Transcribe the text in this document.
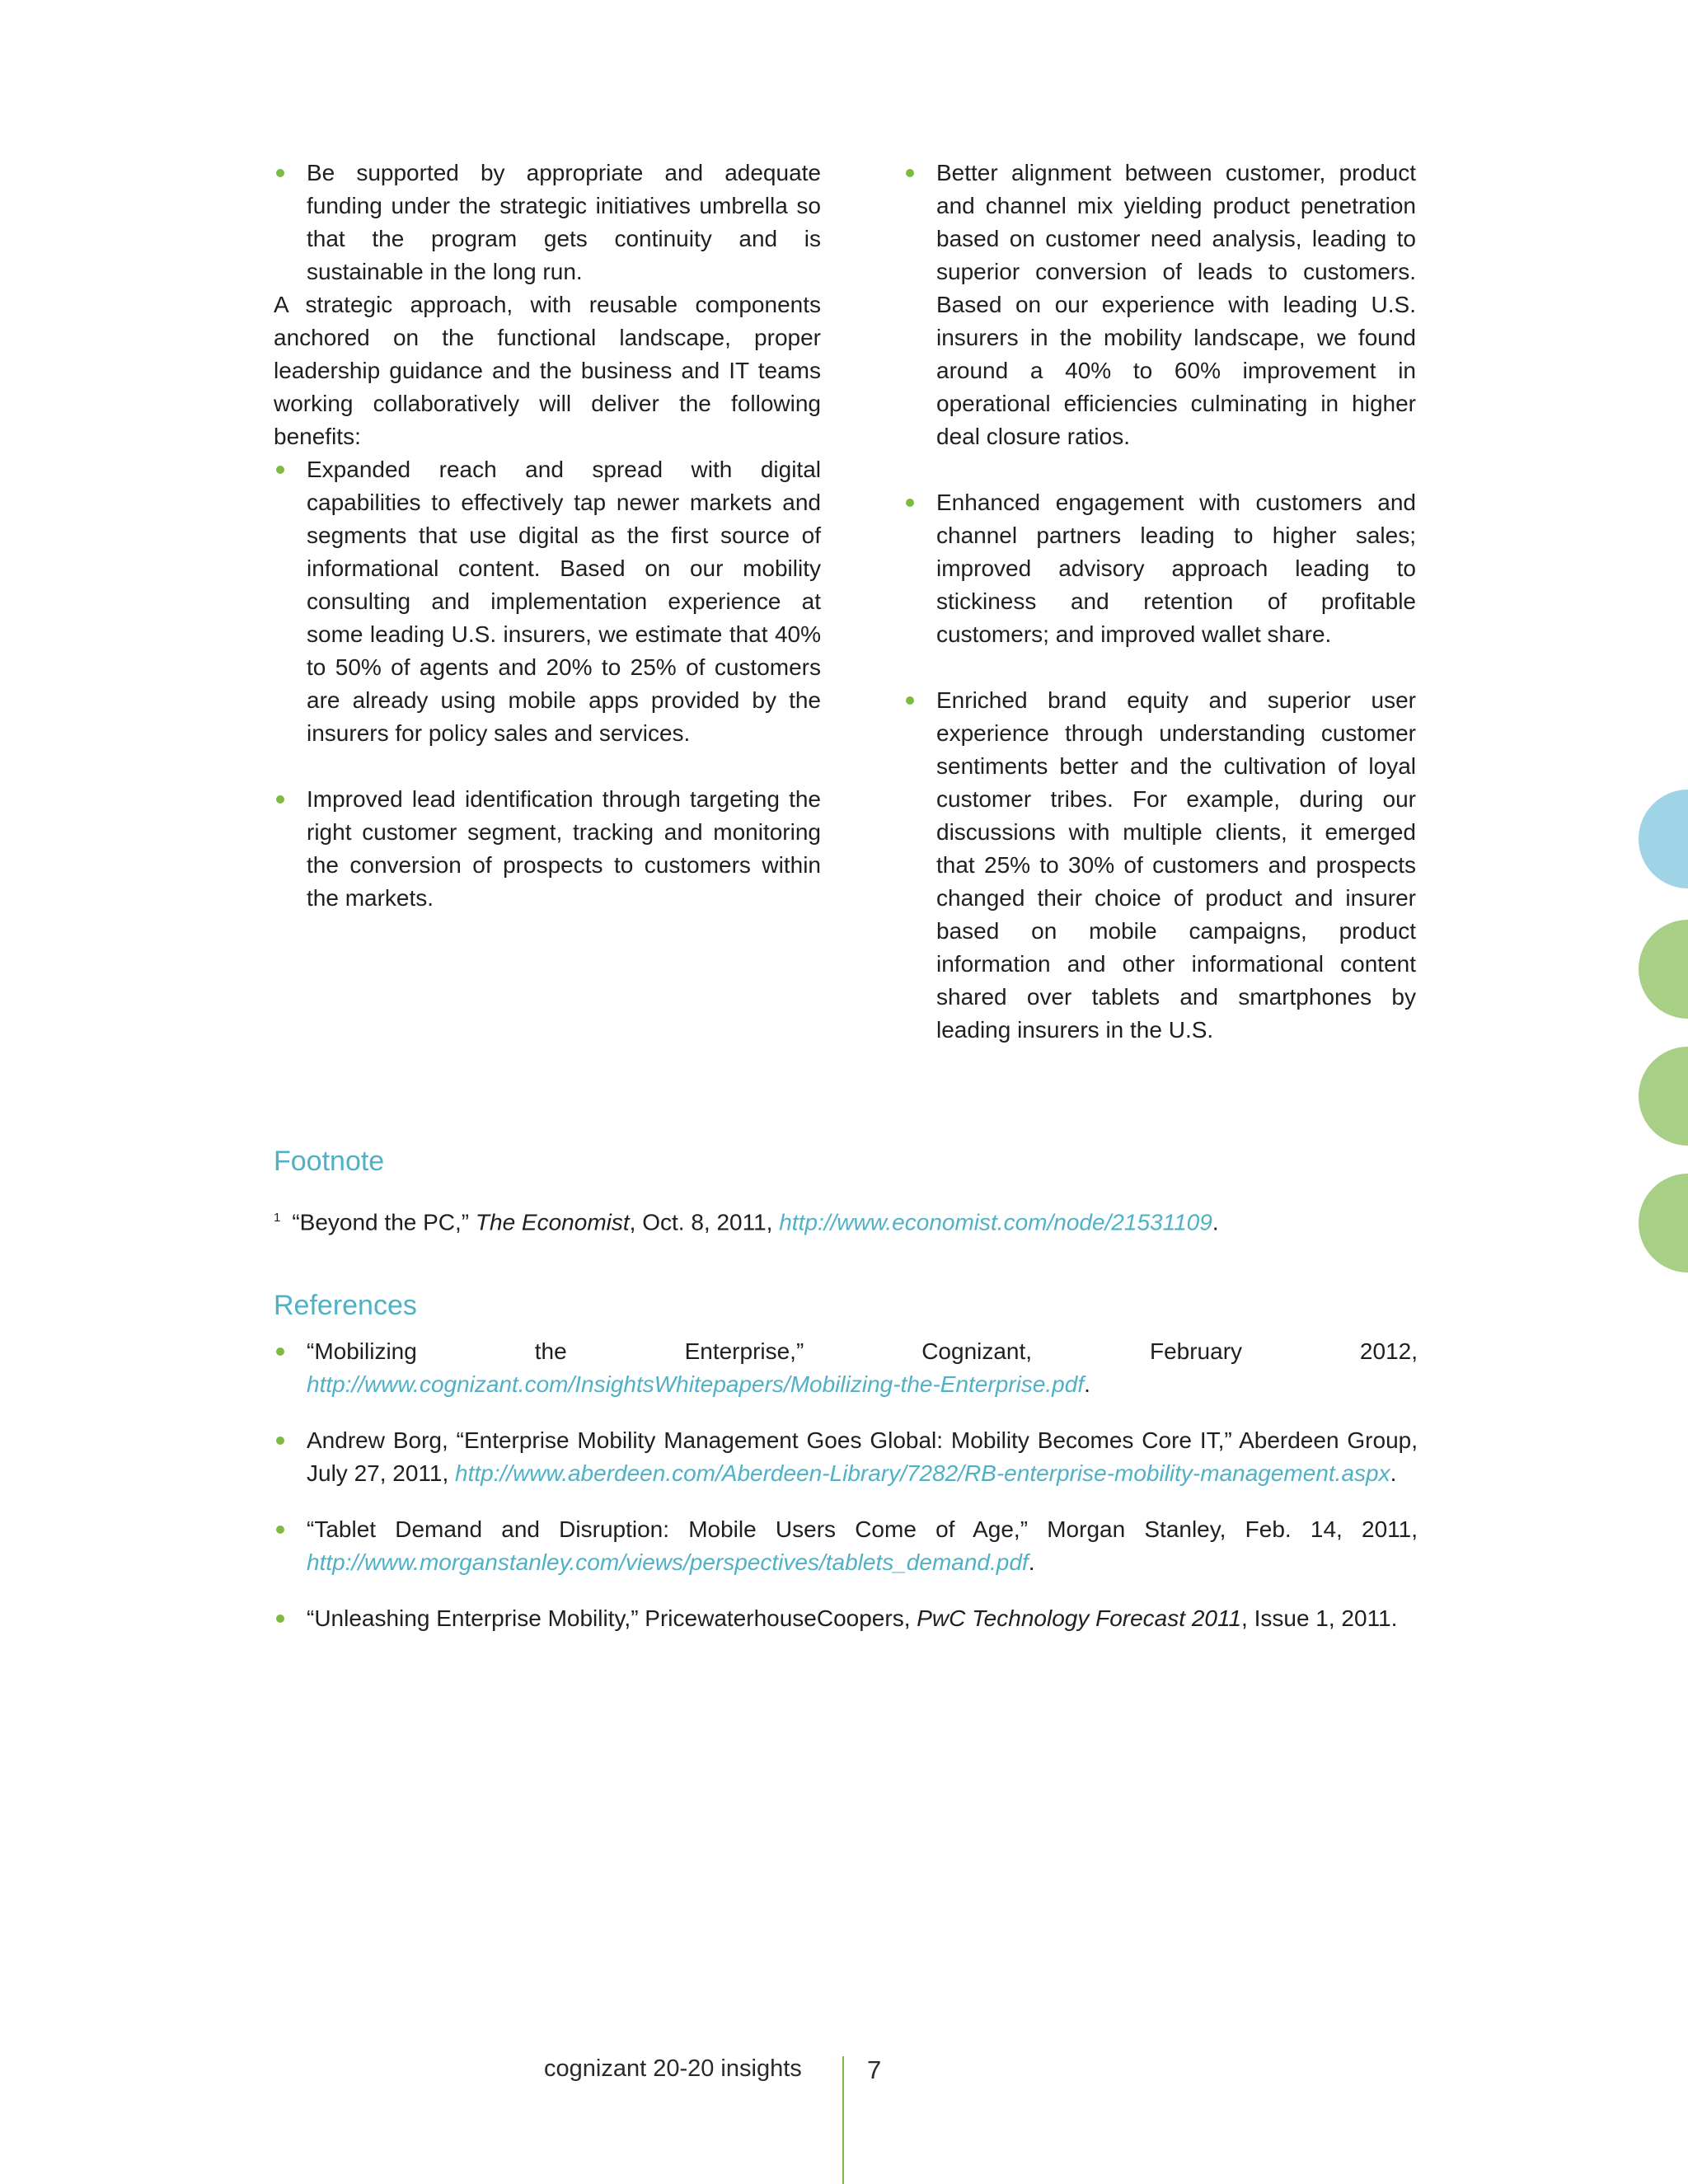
Be supported by appropriate and adequate funding under the strategic initiatives umbrella so that the program gets continuity and is sustainable in the long run.

A strategic approach, with reusable components anchored on the functional landscape, proper leadership guidance and the business and IT teams working collaboratively will deliver the following benefits:

Expanded reach and spread with digital capabilities to effectively tap newer markets and segments that use digital as the first source of informational content. Based on our mobility consulting and implementation experience at some leading U.S. insurers, we estimate that 40% to 50% of agents and 20% to 25% of customers are already using mobile apps provided by the insurers for policy sales and services.
Improved lead identification through targeting the right customer segment, tracking and monitoring the conversion of prospects to customers within the markets.
Better alignment between customer, product and channel mix yielding product penetration based on customer need analysis, leading to superior conversion of leads to customers. Based on our experience with leading U.S. insurers in the mobility landscape, we found around a 40% to 60% improvement in operational efficiencies culminating in higher deal closure ratios.
Enhanced engagement with customers and channel partners leading to higher sales; improved advisory approach leading to stickiness and retention of profitable customers; and improved wallet share.
Enriched brand equity and superior user experience through understanding customer sentiments better and the cultivation of loyal customer tribes. For example, during our discussions with multiple clients, it emerged that 25% to 30% of customers and prospects changed their choice of product and insurer based on mobile campaigns, product information and other informational content shared over tablets and smartphones by leading insurers in the U.S.
Footnote
$^1$ “Beyond the PC,” The Economist, Oct. 8, 2011, http://www.economist.com/node/21531109.
References
“Mobilizing the Enterprise,” Cognizant, February 2012, http://www.cognizant.com/InsightsWhitepapers/Mobilizing-the-Enterprise.pdf.
Andrew Borg, “Enterprise Mobility Management Goes Global: Mobility Becomes Core IT,” Aberdeen Group, July 27, 2011, http://www.aberdeen.com/Aberdeen-Library/7282/RB-enterprise-mobility-management.aspx.
“Tablet Demand and Disruption: Mobile Users Come of Age,” Morgan Stanley, Feb. 14, 2011, http://www.morganstanley.com/views/perspectives/tablets_demand.pdf.
“Unleashing Enterprise Mobility,” PricewaterhouseCoopers, PwC Technology Forecast 2011, Issue 1, 2011.
cognizant 20-20 insights	7
